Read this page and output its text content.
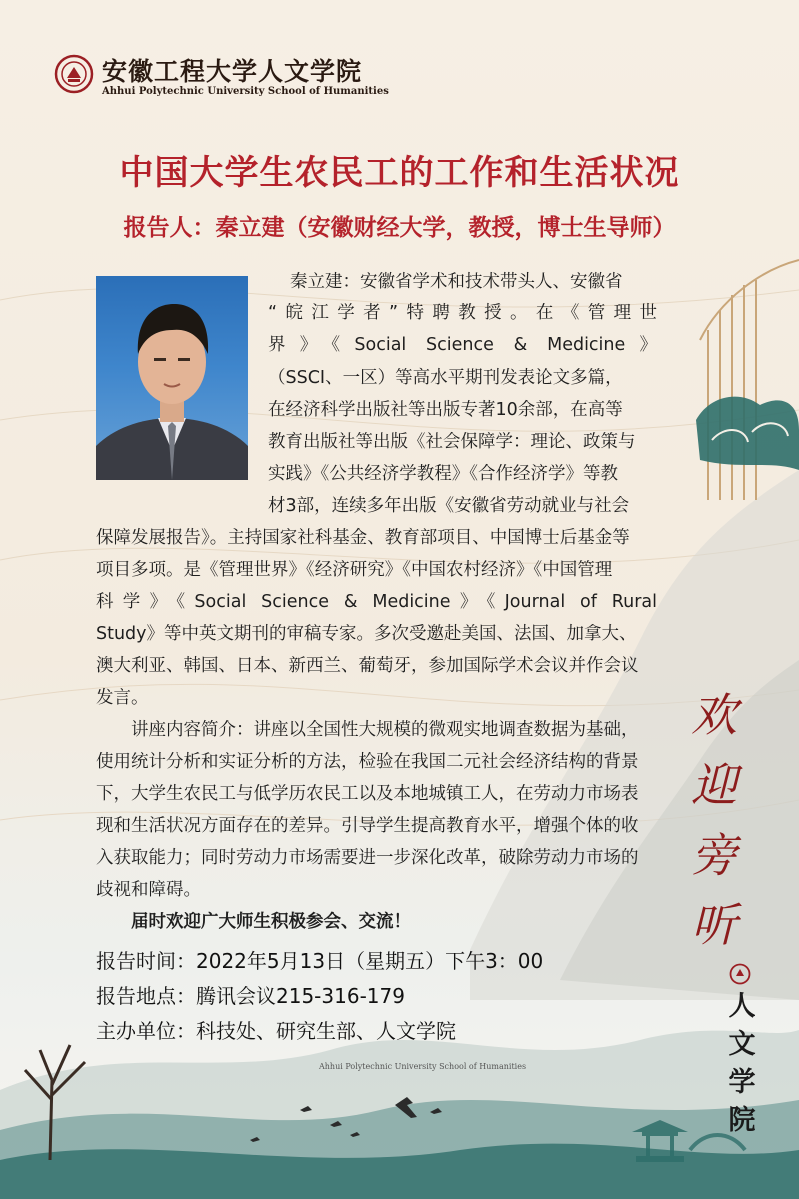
安徽工程大学人文学院
Ahhui Polytechnic University School of Humanities
中国大学生农民工的工作和生活状况
报告人：秦立建（安徽财经大学，教授，博士生导师）
秦立建：安徽省学术和技术带头人、安徽省
“皖江学者”特聘教授。在《管理世
界》《Social Science & Medicine》
（SSCI、一区）等高水平期刊发表论文多篇，
在经济科学出版社等出版专著10余部，在高等
教育出版社等出版《社会保障学：理论、政策与
实践》《公共经济学教程》《合作经济学》等教
材3部，连续多年出版《安徽省劳动就业与社会
保障发展报告》。主持国家社科基金、教育部项目、中国博士后基金等
项目多项。是《管理世界》《经济研究》《中国农村经济》《中国管理
科学》《Social Science & Medicine》《Journal of Rural
Study》等中英文期刊的审稿专家。多次受邀赴美国、法国、加拿大、
澳大利亚、韩国、日本、新西兰、葡萄牙，参加国际学术会议并作会议
发言。
讲座内容简介：讲座以全国性大规模的微观实地调查数据为基础，
使用统计分析和实证分析的方法，检验在我国二元社会经济结构的背景
下，大学生农民工与低学历农民工以及本地城镇工人，在劳动力市场表
现和生活状况方面存在的差异。引导学生提高教育水平，增强个体的收
入获取能力；同时劳动力市场需要进一步深化改革，破除劳动力市场的
歧视和障碍。
届时欢迎广大师生积极参会、交流！
报告时间：2022年5月13日（星期五）下午3：00
报告地点：腾讯会议215-316-179
主办单位：科技处、研究生部、人文学院
欢
迎
旁
听
人
文
学
院
Ahhui Polytechnic University School of Humanities
